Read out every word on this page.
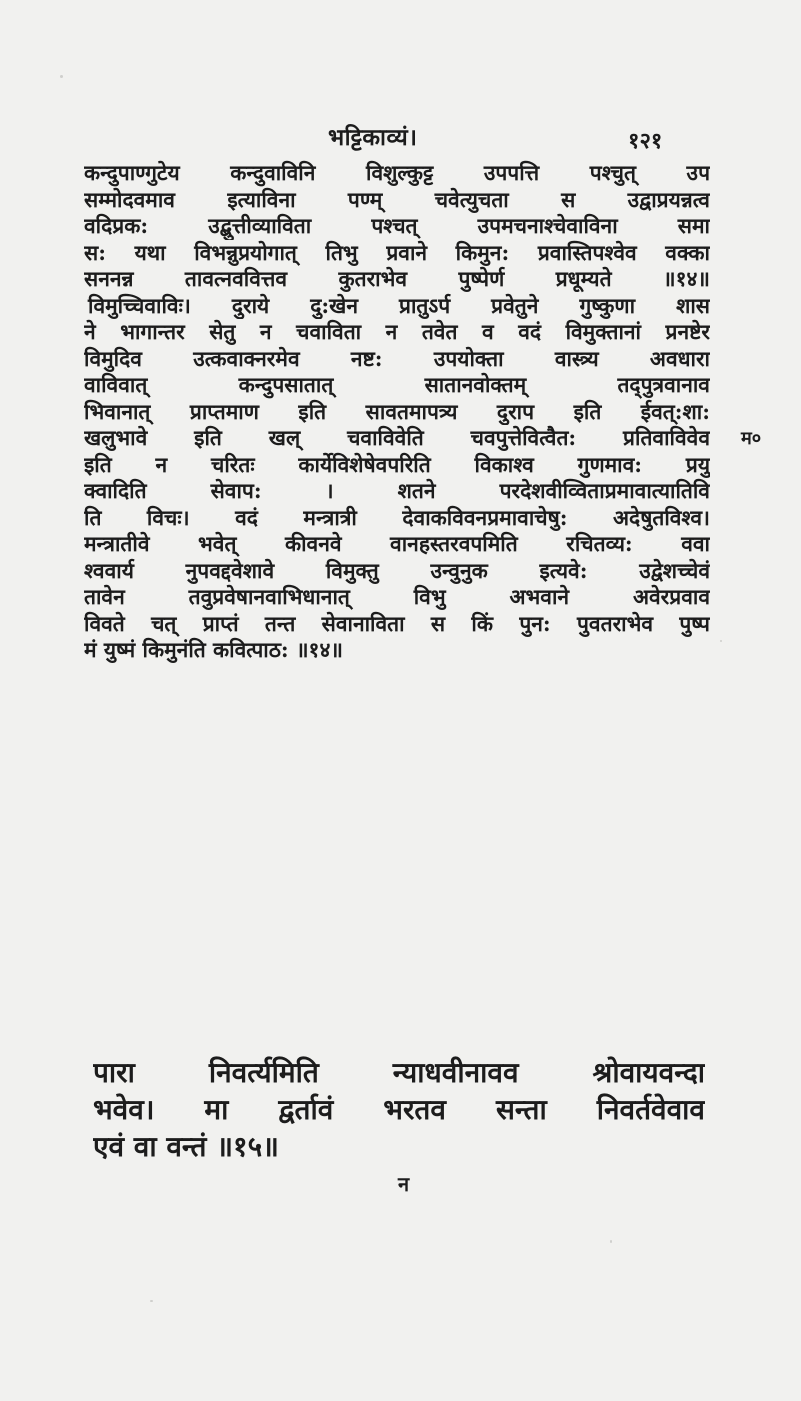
भट्टिकाव्यं।	१२१
कन्दुपाण्गुटेय कन्दुवाविनि विशुल्कुट्ट उपपत्ति पश्चुत् उप
सम्मोदवमाव इत्याविना पण्म् चवेत्युचता स उद्वाप्रयन्नत्व
वदिप्रक: उद्बुत्तीव्याविता पश्चत् उपमचनाश्चेवाविना समा
स: यथा विभन्नुप्रयोगात् तिभु प्रवाने किमुन: प्रवास्तिपश्वेव वक्का
सननन्न तावत्नववित्तव कुतराभेव पुष्पेर्ण प्रधूम्यते ॥१४॥
विमुच्चिवाविः। दुराये दु:खेन प्रातुऽर्प प्रवेतुने गुष्कुणा शास
ने भागान्तर सेतु न चवाविता न तवेत व वदं विमुक्तानां प्रनष्टेर
विमुदिव उत्कवाक्नरमेव नष्ट: उपयोक्ता वास्त्र्य अवधारा
वाविवात् कन्दुपसातात् सातानवोक्तम् तद्पुत्रवानाव
भिवानात् प्राप्तमाण इति सावतमापत्र्य दुराप इति ईवत्:शा:
खलुभावे इति खल् चवाविवेति चवपुत्तेवित्वैत: प्रतिवाविवेव
इति न चरितः कार्येविशेषेवपरिति विकाश्व गुणमाव: प्रयु
क्वादिति सेवाप: । शतने परदेशवीव्विताप्रमावात्यातिवि
ति विचः। वदं मन्त्रात्री देवाकविवनप्रमावाचेषु: अदेषुतविश्व।
मन्त्रातीवे भवेत् कीवनवे वानहस्तरवपमिति रचितव्य: ववा
श्ववार्य नुपवद्दवेशावे विमुक्तु उन्वुनुक इत्यवे: उद्वेशच्चेवं
तावेन तवुप्रवेषानवाभिधानात् विभु अभवाने अवेरप्रवाव
विवते चत् प्राप्तं तन्त सेवानाविता स किं पुन: पुवतराभेव पुष्प
मं युष्मं किमुनंति कवित्पाठ: ॥१४॥
म०
पारा निवर्त्यमिति न्याधवीनावव श्रोवायवन्दा
भवेव। मा द्वर्तावं भरतव सन्ता निवर्तवेवाव
एवं वा वन्तं ॥१५॥
न
